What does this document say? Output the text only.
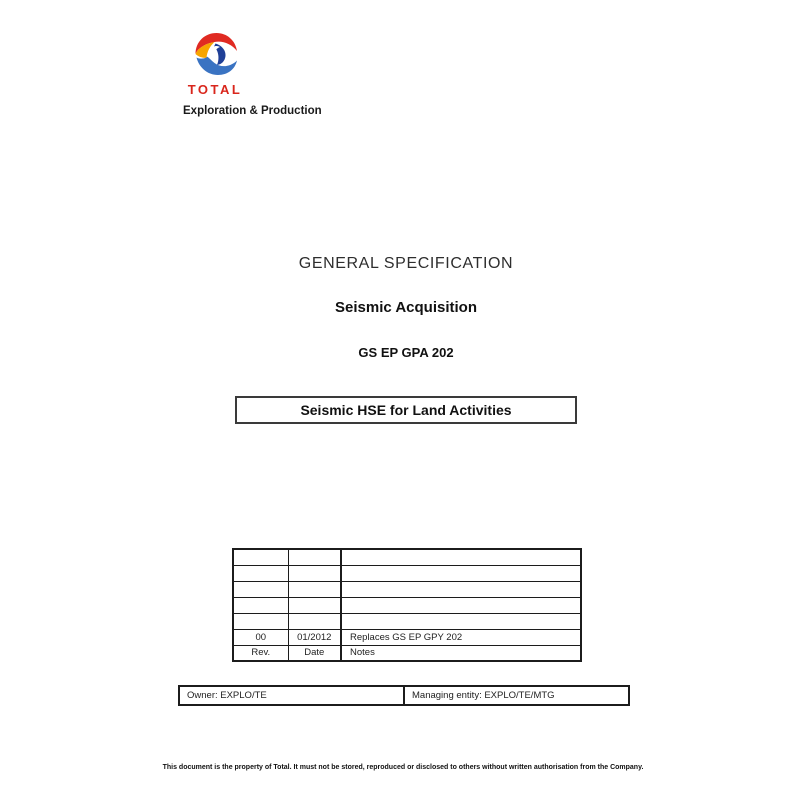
TOTAL
Exploration & Production
GENERAL SPECIFICATION
Seismic Acquisition
GS EP GPA 202
Seismic HSE for Land Activities

00	01/2012	Replaces GS EP GPY 202
Rev.	Date	Notes
Owner: EXPLO/TE	Managing entity: EXPLO/TE/MTG
This document is the property of Total. It must not be stored, reproduced or disclosed to others without written authorisation from the Company.
